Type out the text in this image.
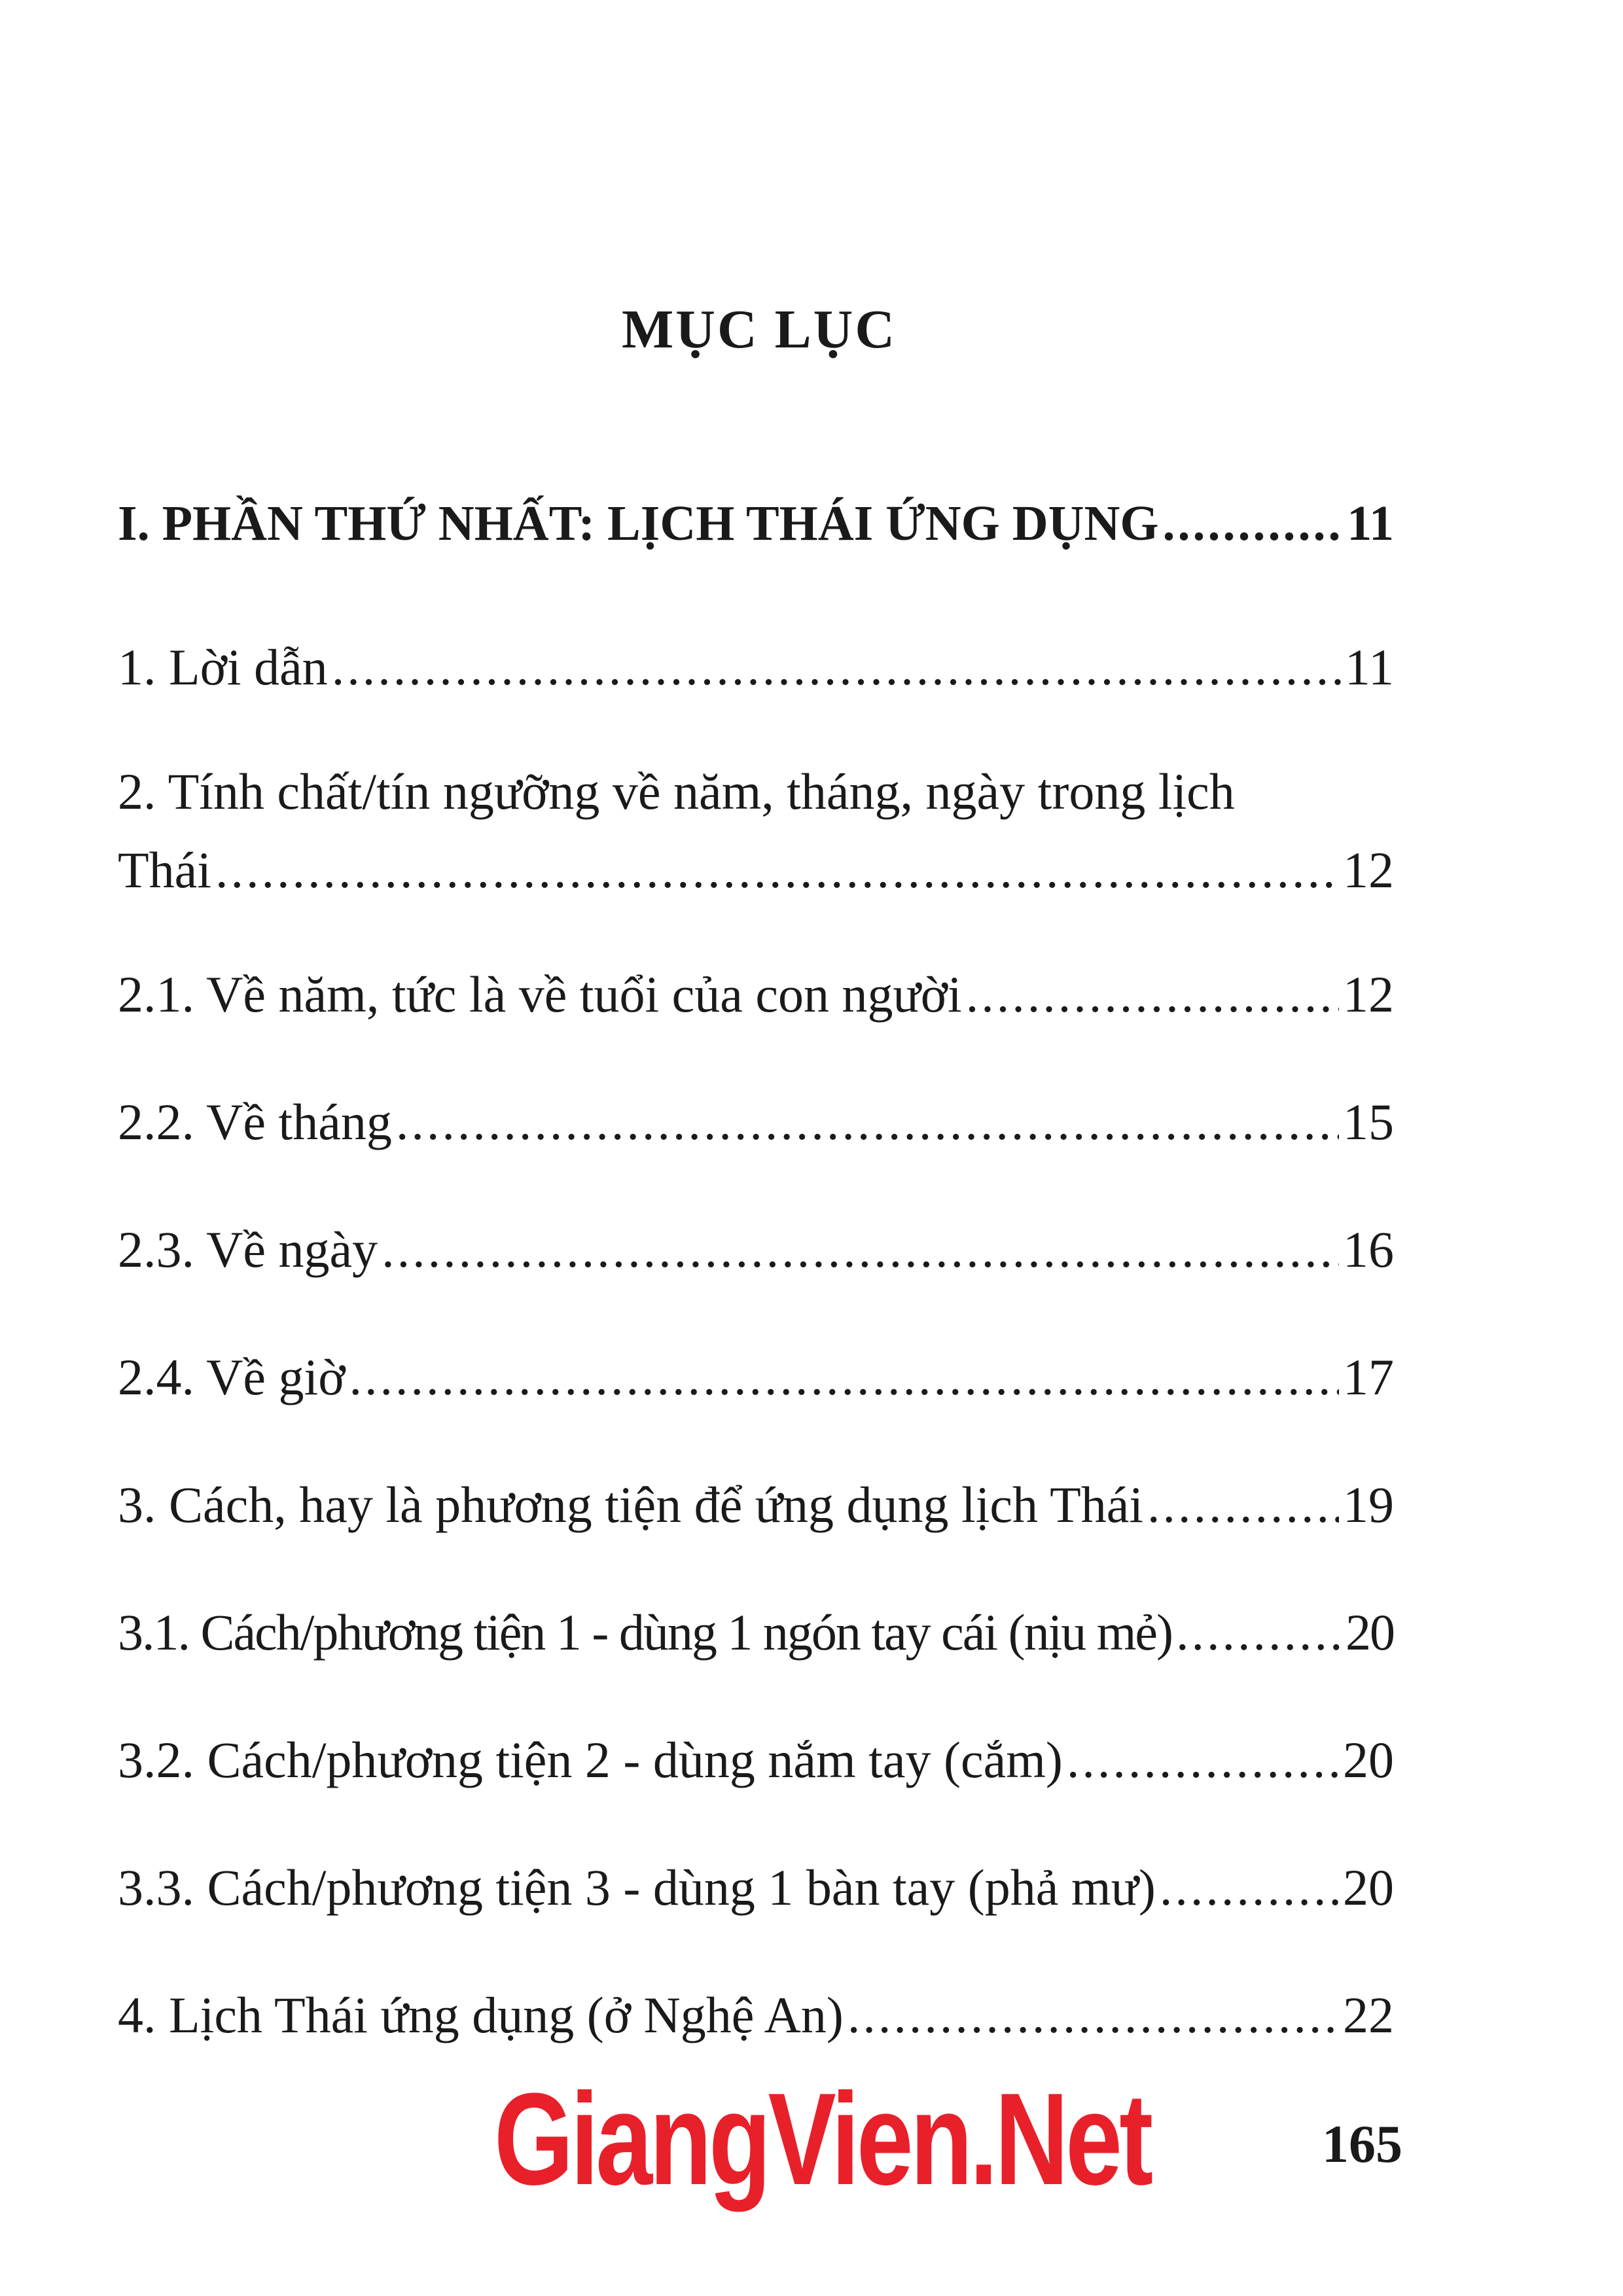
MỤC LỤC
I. PHẦN THỨ NHẤT: LỊCH THÁI ỨNG DỤNG .....	11
1. Lời dẫn .....	11
2. Tính chất/tín ngưỡng về năm, tháng, ngày trong lịch
Thái .....	12
2.1. Về năm, tức là về tuổi của con người .....	12
2.2. Về tháng .....	15
2.3. Về ngày .....	16
2.4. Về giờ .....	17
3. Cách, hay là phương tiện để ứng dụng lịch Thái .....	19
3.1. Cách/phương tiện 1 - dùng 1 ngón tay cái (nịu mẻ) .....	20
3.2. Cách/phương tiện 2 - dùng nắm tay (cắm) .....	20
3.3. Cách/phương tiện 3 - dùng 1 bàn tay (phả mư) .....	20
4. Lịch Thái ứng dụng (ở Nghệ An) .....	22
GiangVien.Net	165
